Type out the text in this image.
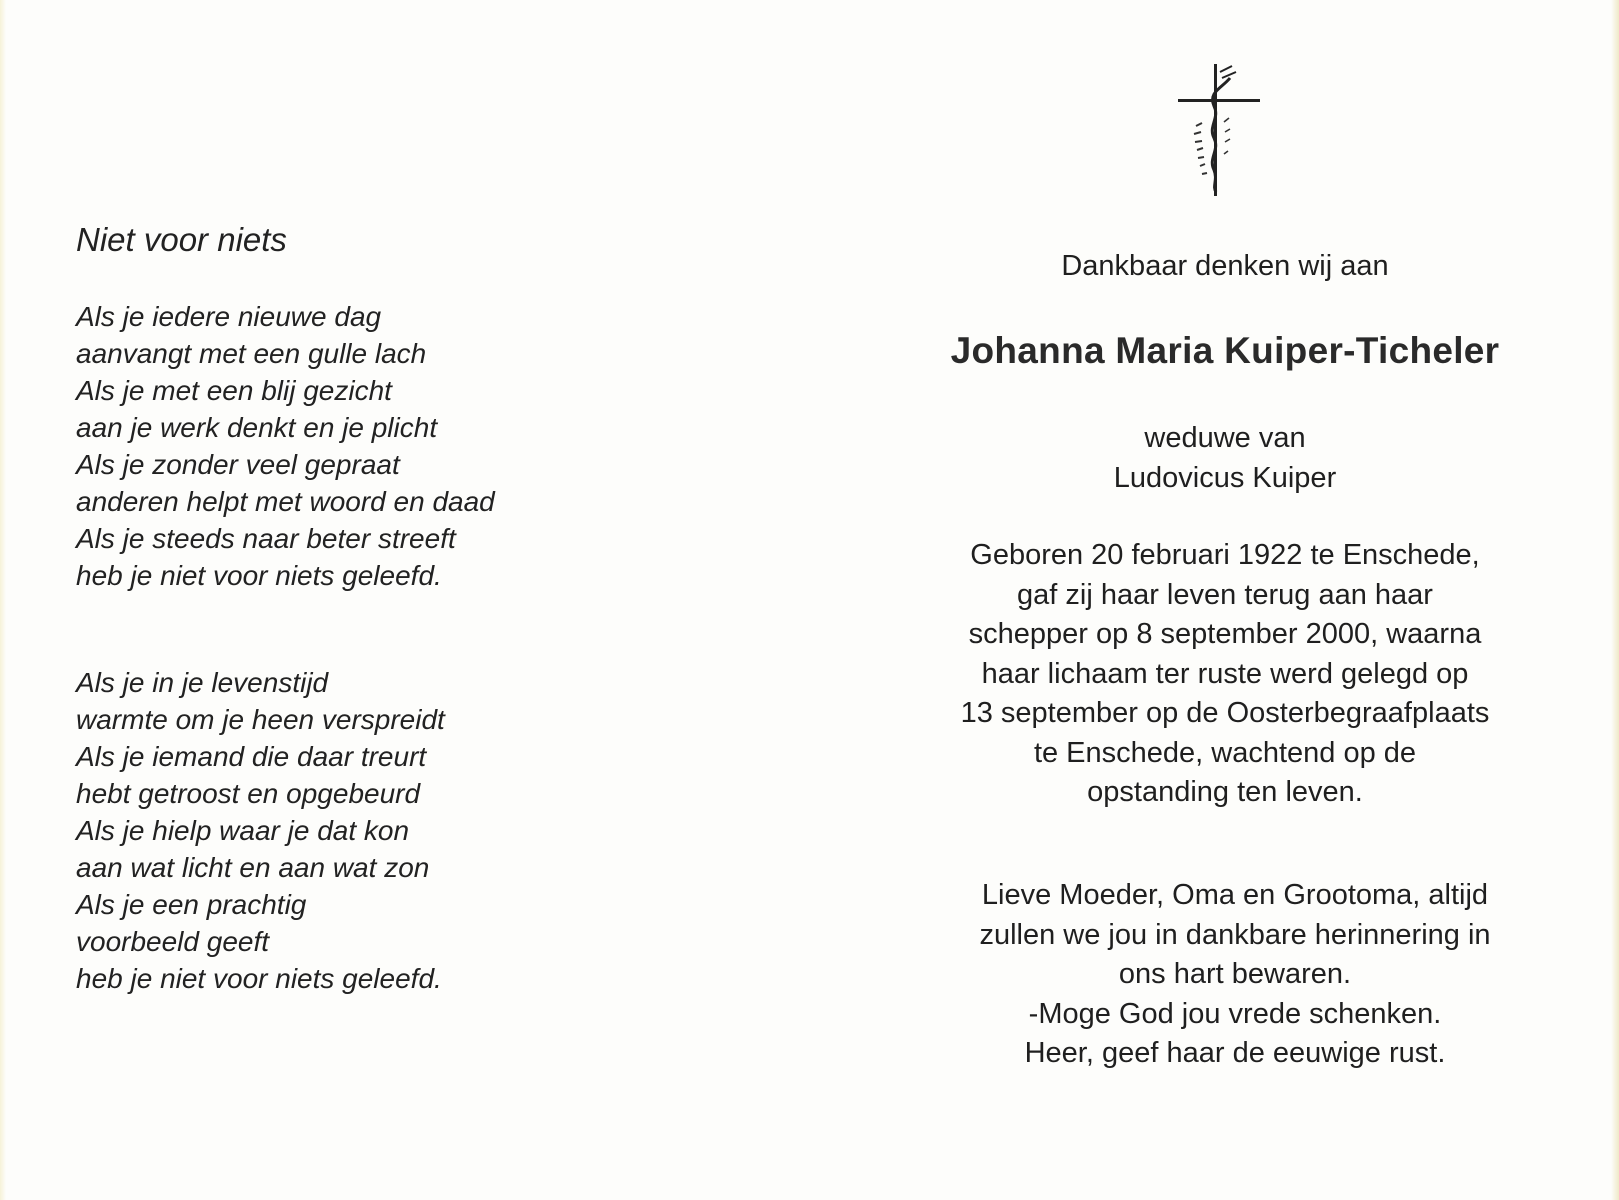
Niet voor niets
Als je iedere nieuwe dag
aanvangt met een gulle lach
Als je met een blij gezicht
aan je werk denkt en je plicht
Als je zonder veel gepraat
anderen helpt met woord en daad
Als je steeds naar beter streeft
heb je niet voor niets geleefd.
Als je in je levenstijd
warmte om je heen verspreidt
Als je iemand die daar treurt
hebt getroost en opgebeurd
Als je hielp waar je dat kon
aan wat licht en aan wat zon
Als je een prachtig
voorbeeld geeft
heb je niet voor niets geleefd.
Dankbaar denken wij aan
Johanna Maria Kuiper-Ticheler
weduwe van
Ludovicus Kuiper
Geboren 20 februari 1922 te Enschede,
gaf zij haar leven terug aan haar
schepper op 8 september 2000, waarna
haar lichaam ter ruste werd gelegd op
13 september op de Oosterbegraafplaats
te Enschede, wachtend op de
opstanding ten leven.
Lieve Moeder, Oma en Grootoma, altijd
zullen we jou in dankbare herinnering in
ons hart bewaren.
-Moge God jou vrede schenken.
Heer, geef haar de eeuwige rust.
